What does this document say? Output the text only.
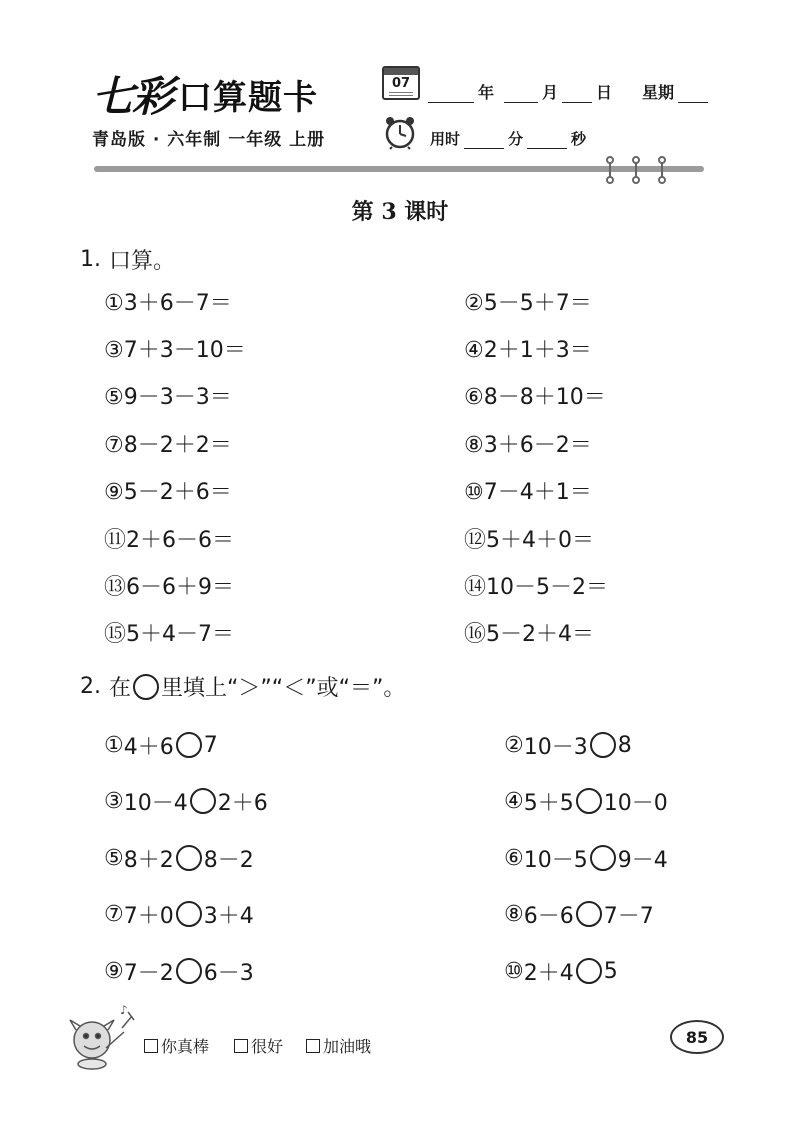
七彩 口算题卡	07	年	月 日 星期
青岛版 · 六年制 一年级 上册	用时	分	秒
第 3 课时
1. 口算。
①3＋6－7＝	②5－5＋7＝
③7＋3－10＝	④2＋1＋3＝
⑤9－3－3＝	⑥8－8＋10＝
⑦8－2＋2＝	⑧3＋6－2＝
⑨5－2＋6＝	⑩7－4＋1＝
⑪2＋6－6＝	⑫5＋4＋0＝
⑬6－6＋9＝	⑭10－5－2＝
⑮5＋4－7＝	⑯5－2＋4＝
2. 在 里填上“＞”“＜”或“＝”。
① 4＋6 7	② 10－3 8
③ 10－4 2＋6	④ 5＋5 10－0
⑤ 8＋2 8－2	⑥ 10－5 9－4
⑦ 7＋0 3＋4	⑧ 6－6 7－7
⑨ 7－2 6－3	⑩ 2＋4 5
♪
你真棒	很好 加油哦	85
